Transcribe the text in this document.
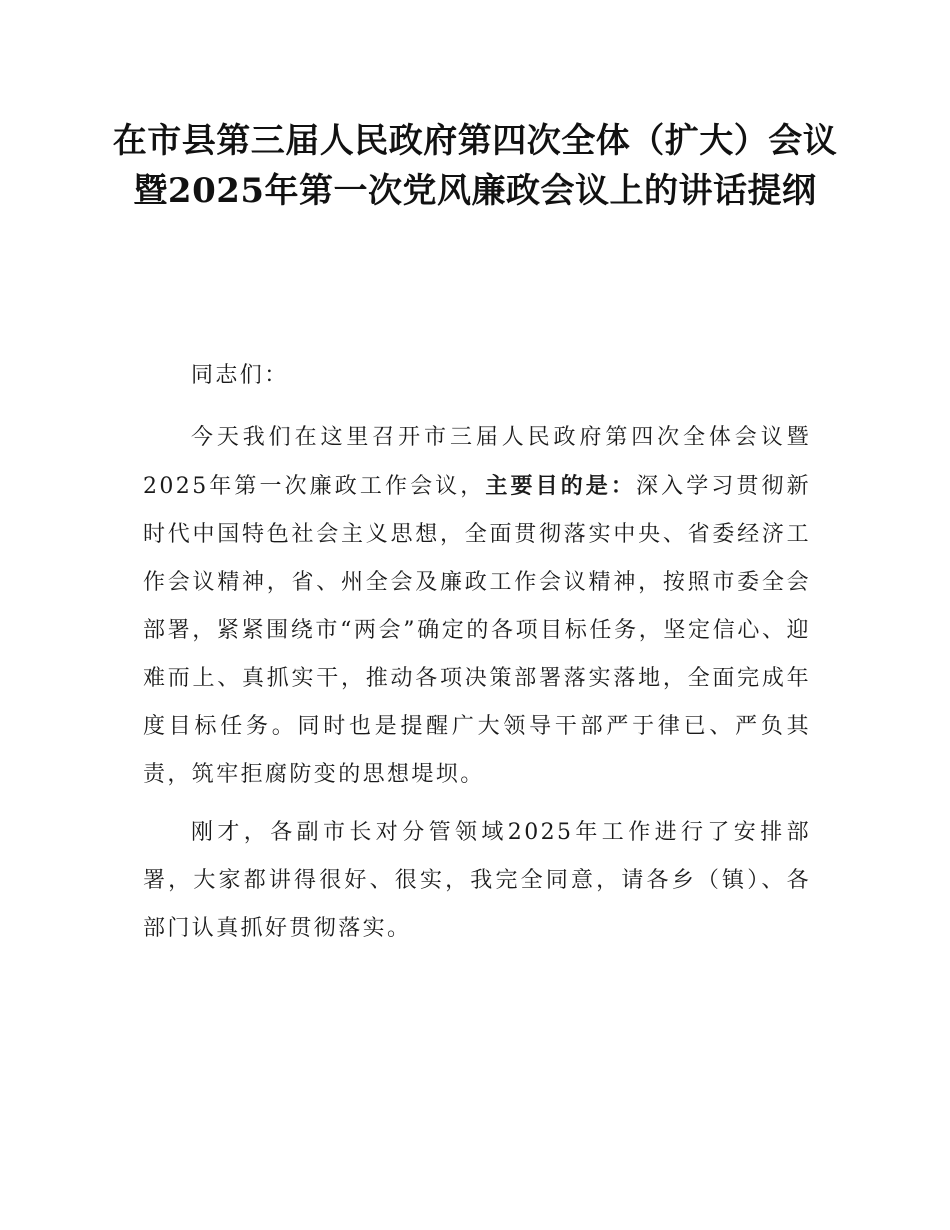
在市县第三届人民政府第四次全体（扩大）会议暨2025年第一次党风廉政会议上的讲话提纲

同志们：

今天我们在这里召开市三届人民政府第四次全体会议暨2025年第一次廉政工作会议，主要目的是：深入学习贯彻新时代中国特色社会主义思想，全面贯彻落实中央、省委经济工作会议精神，省、州全会及廉政工作会议精神，按照市委全会部署，紧紧围绕市“两会”确定的各项目标任务，坚定信心、迎难而上、真抓实干，推动各项决策部署落实落地，全面完成年度目标任务。同时也是提醒广大领导干部严于律已、严负其责，筑牢拒腐防变的思想堤坝。

刚才，各副市长对分管领域2025年工作进行了安排部署，大家都讲得很好、很实，我完全同意，请各乡（镇）、各部门认真抓好贯彻落实。
